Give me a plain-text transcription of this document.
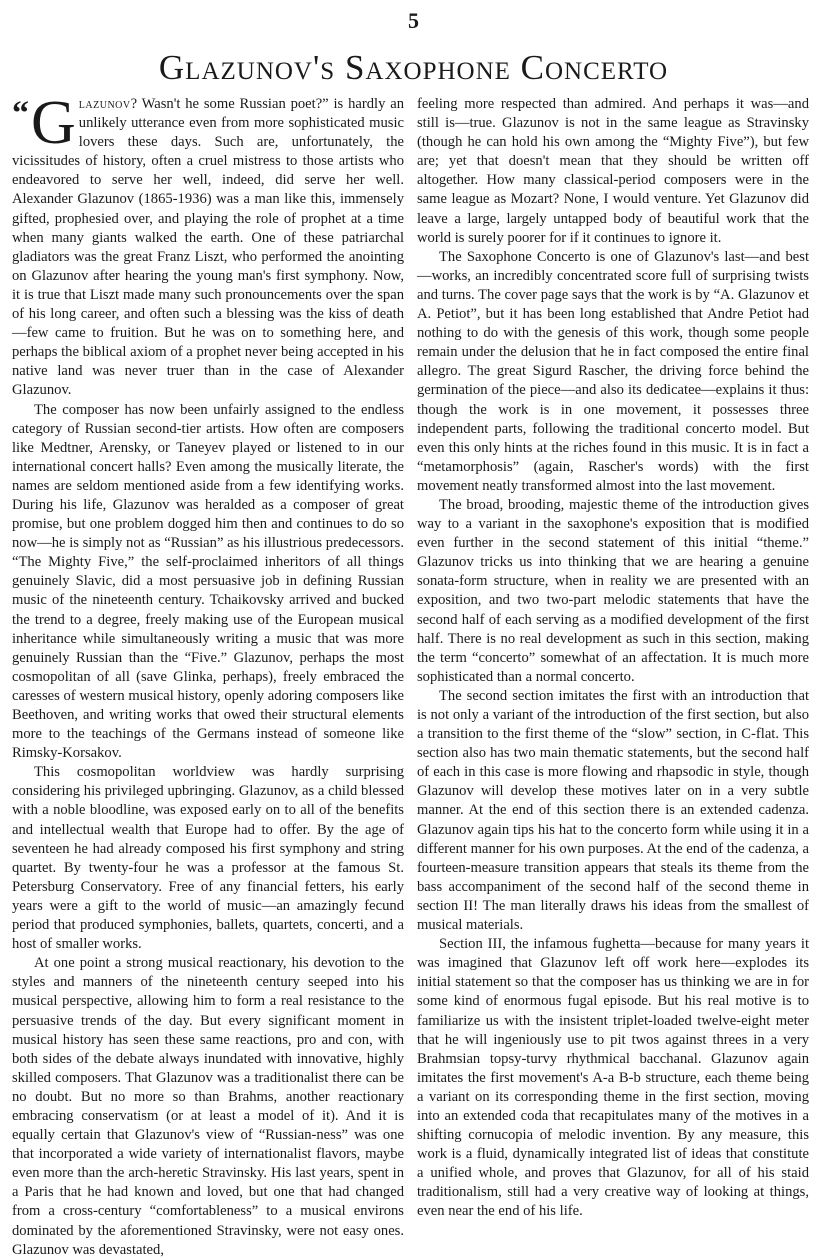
5
Glazunov's Saxophone Concerto

“ G lazunov? Wasn't he some Russian poet?” is hardly an unlikely utterance even from more sophisticated music lovers these days. Such are, unfortunately, the vicissitudes of history, often a cruel mistress to those artists who endeavored to serve her well, indeed, did serve her well. Alexander Glazunov (1865-1936) was a man like this, immensely gifted, prophesied over, and playing the role of prophet at a time when many giants walked the earth. One of these patriarchal gladiators was the great Franz Liszt, who performed the anointing on Glazunov after hearing the young man's first symphony. Now, it is true that Liszt made many such pronouncements over the span of his long career, and often such a blessing was the kiss of death—few came to fruition. But he was on to something here, and perhaps the biblical axiom of a prophet never being accepted in his native land was never truer than in the case of Alexander Glazunov.

The composer has now been unfairly assigned to the endless category of Russian second-tier artists. How often are composers like Medtner, Arensky, or Taneyev played or listened to in our international concert halls? Even among the musically literate, the names are seldom mentioned aside from a few identifying works. During his life, Glazunov was heralded as a composer of great promise, but one problem dogged him then and continues to do so now—he is simply not as “Russian” as his illustrious predecessors. “The Mighty Five,” the self-proclaimed inheritors of all things genuinely Slavic, did a most persuasive job in defining Russian music of the nineteenth century. Tchaikovsky arrived and bucked the trend to a degree, freely making use of the European musical inheritance while simultaneously writing a music that was more genuinely Russian than the “Five.” Glazunov, perhaps the most cosmopolitan of all (save Glinka, perhaps), freely embraced the caresses of western musical history, openly adoring composers like Beethoven, and writing works that owed their structural elements more to the teachings of the Germans instead of someone like Rimsky-Korsakov.

This cosmopolitan worldview was hardly surprising considering his privileged upbringing. Glazunov, as a child blessed with a noble bloodline, was exposed early on to all of the benefits and intellectual wealth that Europe had to offer. By the age of seventeen he had already composed his first symphony and string quartet. By twenty-four he was a professor at the famous St. Petersburg Conservatory. Free of any financial fetters, his early years were a gift to the world of music—an amazingly fecund period that produced symphonies, ballets, quartets, concerti, and a host of smaller works.

At one point a strong musical reactionary, his devotion to the styles and manners of the nineteenth century seeped into his musical perspective, allowing him to form a real resistance to the persuasive trends of the day. But every significant moment in musical history has seen these same reactions, pro and con, with both sides of the debate always inundated with innovative, highly skilled composers. That Glazunov was a traditionalist there can be no doubt. But no more so than Brahms, another reactionary embracing conservatism (or at least a model of it). And it is equally certain that Glazunov's view of “Russian-ness” was one that incorporated a wide variety of internationalist flavors, maybe even more than the arch-heretic Stravinsky. His last years, spent in a Paris that he had known and loved, but one that had changed from a cross-century “comfortableness” to a musical environs dominated by the aforementioned Stravinsky, were not easy ones. Glazunov was devastated,

feeling more respected than admired. And perhaps it was—and still is—true. Glazunov is not in the same league as Stravinsky (though he can hold his own among the “Mighty Five”), but few are; yet that doesn't mean that they should be written off altogether. How many classical-period composers were in the same league as Mozart? None, I would venture. Yet Glazunov did leave a large, largely untapped body of beautiful work that the world is surely poorer for if it continues to ignore it.

The Saxophone Concerto is one of Glazunov's last—and best—works, an incredibly concentrated score full of surprising twists and turns. The cover page says that the work is by “A. Glazunov et A. Petiot”, but it has been long established that Andre Petiot had nothing to do with the genesis of this work, though some people remain under the delusion that he in fact composed the entire final allegro. The great Sigurd Rascher, the driving force behind the germination of the piece—and also its dedicatee—explains it thus: though the work is in one movement, it possesses three independent parts, following the traditional concerto model. But even this only hints at the riches found in this music. It is in fact a “metamorphosis” (again, Rascher's words) with the first movement neatly transformed almost into the last movement.

The broad, brooding, majestic theme of the introduction gives way to a variant in the saxophone's exposition that is modified even further in the second statement of this initial “theme.” Glazunov tricks us into thinking that we are hearing a genuine sonata-form structure, when in reality we are presented with an exposition, and two two-part melodic statements that have the second half of each serving as a modified development of the first half. There is no real development as such in this section, making the term “concerto” somewhat of an affectation. It is much more sophisticated than a normal concerto.

The second section imitates the first with an introduction that is not only a variant of the introduction of the first section, but also a transition to the first theme of the “slow” section, in C-flat. This section also has two main thematic statements, but the second half of each in this case is more flowing and rhapsodic in style, though Glazunov will develop these motives later on in a very subtle manner. At the end of this section there is an extended cadenza. Glazunov again tips his hat to the concerto form while using it in a different manner for his own purposes. At the end of the cadenza, a fourteen-measure transition appears that steals its theme from the bass accompaniment of the second half of the second theme in section II! The man literally draws his ideas from the smallest of musical materials.

Section III, the infamous fughetta—because for many years it was imagined that Glazunov left off work here—explodes its initial statement so that the composer has us thinking we are in for some kind of enormous fugal episode. But his real motive is to familiarize us with the insistent triplet-loaded twelve-eight meter that he will ingeniously use to pit twos against threes in a very Brahmsian topsy-turvy rhythmical bacchanal. Glazunov again imitates the first movement's A-a B-b structure, each theme being a variant on its corresponding theme in the first section, moving into an extended coda that recapitulates many of the motives in a shifting cornucopia of melodic invention. By any measure, this work is a fluid, dynamically integrated list of ideas that constitute a unified whole, and proves that Glazunov, for all of his staid traditionalism, still had a very creative way of looking at things, even near the end of his life.
